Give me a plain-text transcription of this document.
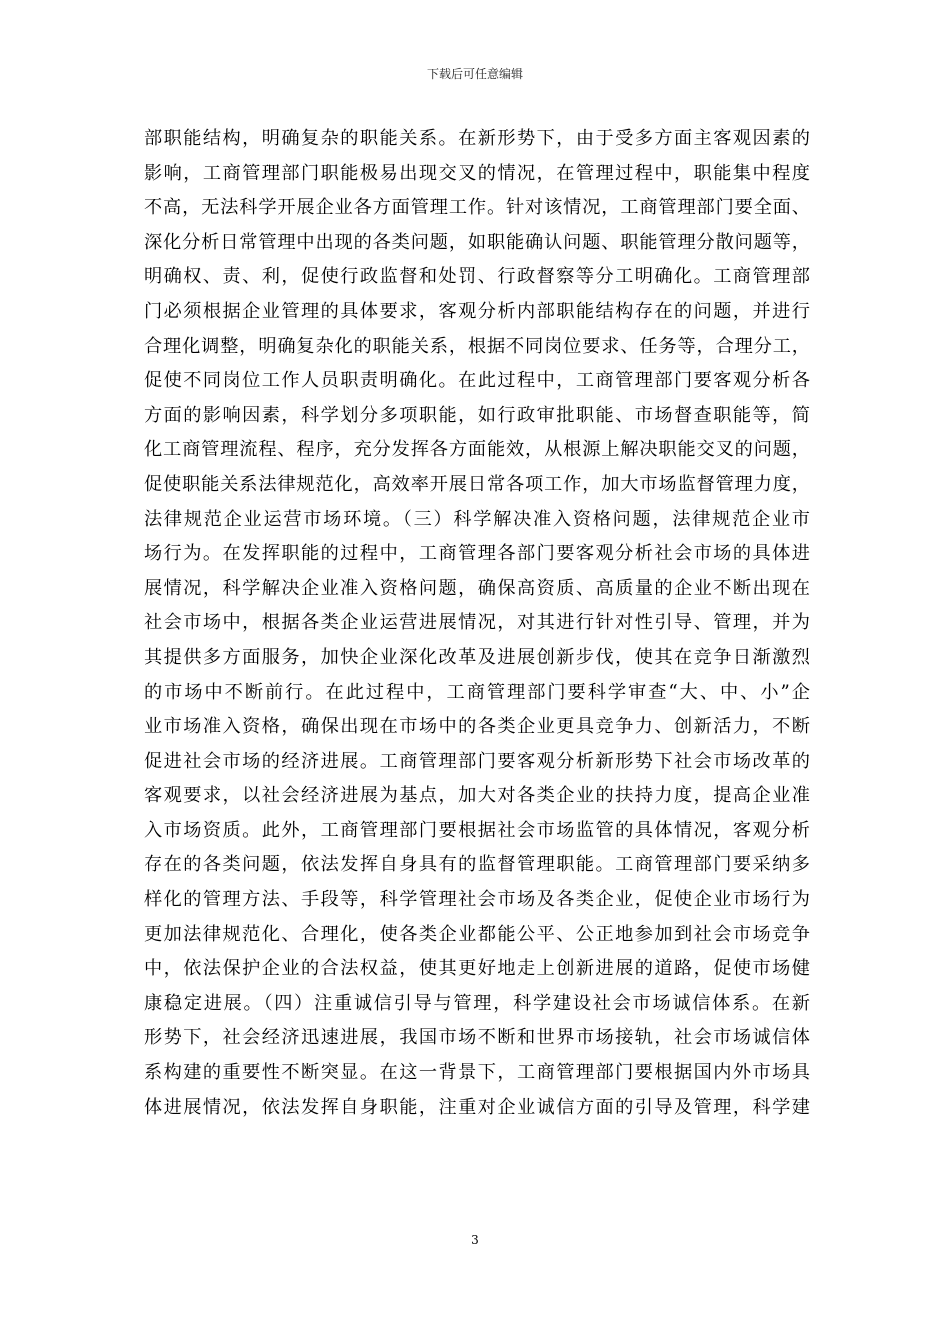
下载后可任意编辑
部职能结构，明确复杂的职能关系。在新形势下，由于受多方面主客观因素的
影响，工商管理部门职能极易出现交叉的情况，在管理过程中，职能集中程度
不高，无法科学开展企业各方面管理工作。针对该情况，工商管理部门要全面、
深化分析日常管理中出现的各类问题，如职能确认问题、职能管理分散问题等，
明确权、责、利，促使行政监督和处罚、行政督察等分工明确化。工商管理部
门必须根据企业管理的具体要求，客观分析内部职能结构存在的问题，并进行
合理化调整，明确复杂化的职能关系，根据不同岗位要求、任务等，合理分工，
促使不同岗位工作人员职责明确化。在此过程中，工商管理部门要客观分析各
方面的影响因素，科学划分多项职能，如行政审批职能、市场督查职能等，简
化工商管理流程、程序，充分发挥各方面能效，从根源上解决职能交叉的问题，
促使职能关系法律规范化，高效率开展日常各项工作，加大市场监督管理力度，
法律规范企业运营市场环境。（三）科学解决准入资格问题，法律规范企业市
场行为。在发挥职能的过程中，工商管理各部门要客观分析社会市场的具体进
展情况，科学解决企业准入资格问题，确保高资质、高质量的企业不断出现在
社会市场中，根据各类企业运营进展情况，对其进行针对性引导、管理，并为
其提供多方面服务，加快企业深化改革及进展创新步伐，使其在竞争日渐激烈
的市场中不断前行。在此过程中，工商管理部门要科学审查“大、中、小”企
业市场准入资格，确保出现在市场中的各类企业更具竞争力、创新活力，不断
促进社会市场的经济进展。工商管理部门要客观分析新形势下社会市场改革的
客观要求，以社会经济进展为基点，加大对各类企业的扶持力度，提高企业准
入市场资质。此外，工商管理部门要根据社会市场监管的具体情况，客观分析
存在的各类问题，依法发挥自身具有的监督管理职能。工商管理部门要采纳多
样化的管理方法、手段等，科学管理社会市场及各类企业，促使企业市场行为
更加法律规范化、合理化，使各类企业都能公平、公正地参加到社会市场竞争
中，依法保护企业的合法权益，使其更好地走上创新进展的道路，促使市场健
康稳定进展。（四）注重诚信引导与管理，科学建设社会市场诚信体系。在新
形势下，社会经济迅速进展，我国市场不断和世界市场接轨，社会市场诚信体
系构建的重要性不断突显。在这一背景下，工商管理部门要根据国内外市场具
体进展情况，依法发挥自身职能，注重对企业诚信方面的引导及管理，科学建
3
